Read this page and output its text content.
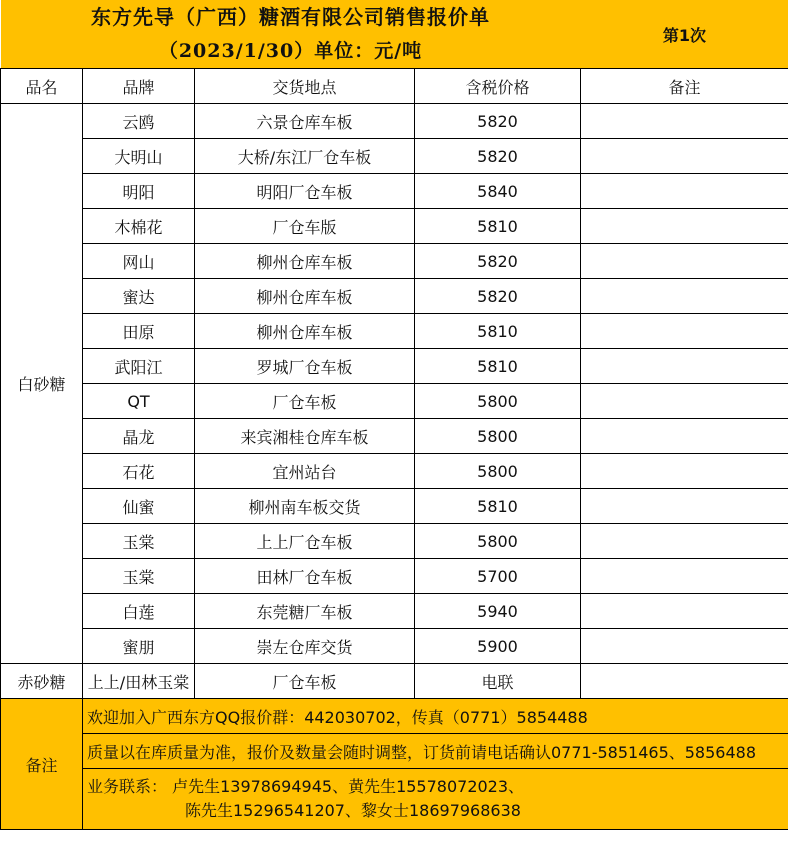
东方先导（广西）糖酒有限公司销售报价单
（2023/1/30）单位：元/吨				第1次
品名	品牌	交货地点	含税价格	备注
白砂糖	云鸥	六景仓库车板	5820	
	大明山	大桥/东江厂仓车板	5820	
	明阳	明阳厂仓车板	5840	
	木棉花	厂仓车版	5810	
	网山	柳州仓库车板	5820	
	蜜达	柳州仓库车板	5820	
	田原	柳州仓库车板	5810	
	武阳江	罗城厂仓车板	5810	
	QT	厂仓车板	5800	
	晶龙	来宾湘桂仓库车板	5800	
	石花	宜州站台	5800	
	仙蜜	柳州南车板交货	5810	
	玉棠	上上厂仓车板	5800	
	玉棠	田林厂仓车板	5700	
	白莲	东莞糖厂车板	5940	
	蜜朋	崇左仓库交货	5900	
赤砂糖	上上/田林玉棠	厂仓车板	电联	
备注	欢迎加入广西东方QQ报价群：442030702，传真（0771）5854488			
	质量以在库质量为准，报价及数量会随时调整，订货前请电话确认0771-5851465、5856488			

	业务联系： 卢先生13978694945、黄先生15578072023、
陈先生15296541207、黎女士18697968638			
